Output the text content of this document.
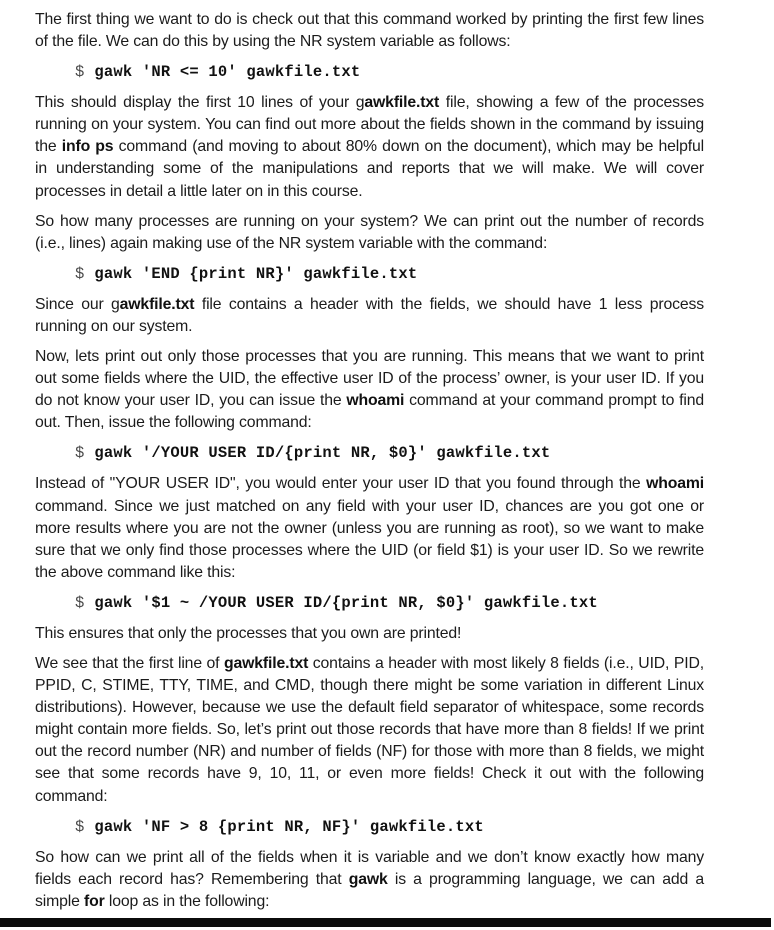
The first thing we want to do is check out that this command worked by printing the first few lines of the file. We can do this by using the NR system variable as follows:

$ gawk 'NR <= 10' gawkfile.txt

This should display the first 10 lines of your gawkfile.txt file, showing a few of the processes running on your system. You can find out more about the fields shown in the command by issuing the info ps command (and moving to about 80% down on the document), which may be helpful in understanding some of the manipulations and reports that we will make. We will cover processes in detail a little later on in this course.

So how many processes are running on your system? We can print out the number of records (i.e., lines) again making use of the NR system variable with the command:

$ gawk 'END {print NR}' gawkfile.txt

Since our gawkfile.txt file contains a header with the fields, we should have 1 less process running on our system.

Now, lets print out only those processes that you are running. This means that we want to print out some fields where the UID, the effective user ID of the process’ owner, is your user ID. If you do not know your user ID, you can issue the whoami command at your command prompt to find out. Then, issue the following command:

$ gawk '/YOUR USER ID/{print NR, $0}' gawkfile.txt

Instead of "YOUR USER ID", you would enter your user ID that you found through the whoami command. Since we just matched on any field with your user ID, chances are you got one or more results where you are not the owner (unless you are running as root), so we want to make sure that we only find those processes where the UID (or field $1) is your user ID. So we rewrite the above command like this:

$ gawk '$1 ~ /YOUR USER ID/{print NR, $0}' gawkfile.txt

This ensures that only the processes that you own are printed!

We see that the first line of gawkfile.txt contains a header with most likely 8 fields (i.e., UID, PID, PPID, C, STIME, TTY, TIME, and CMD, though there might be some variation in different Linux distributions). However, because we use the default field separator of whitespace, some records might contain more fields. So, let’s print out those records that have more than 8 fields! If we print out the record number (NR) and number of fields (NF) for those with more than 8 fields, we might see that some records have 9, 10, 11, or even more fields! Check it out with the following command:

$ gawk 'NF > 8 {print NR, NF}' gawkfile.txt

So how can we print all of the fields when it is variable and we don’t know exactly how many fields each record has? Remembering that gawk is a programming language, we can add a simple for loop as in the following:
